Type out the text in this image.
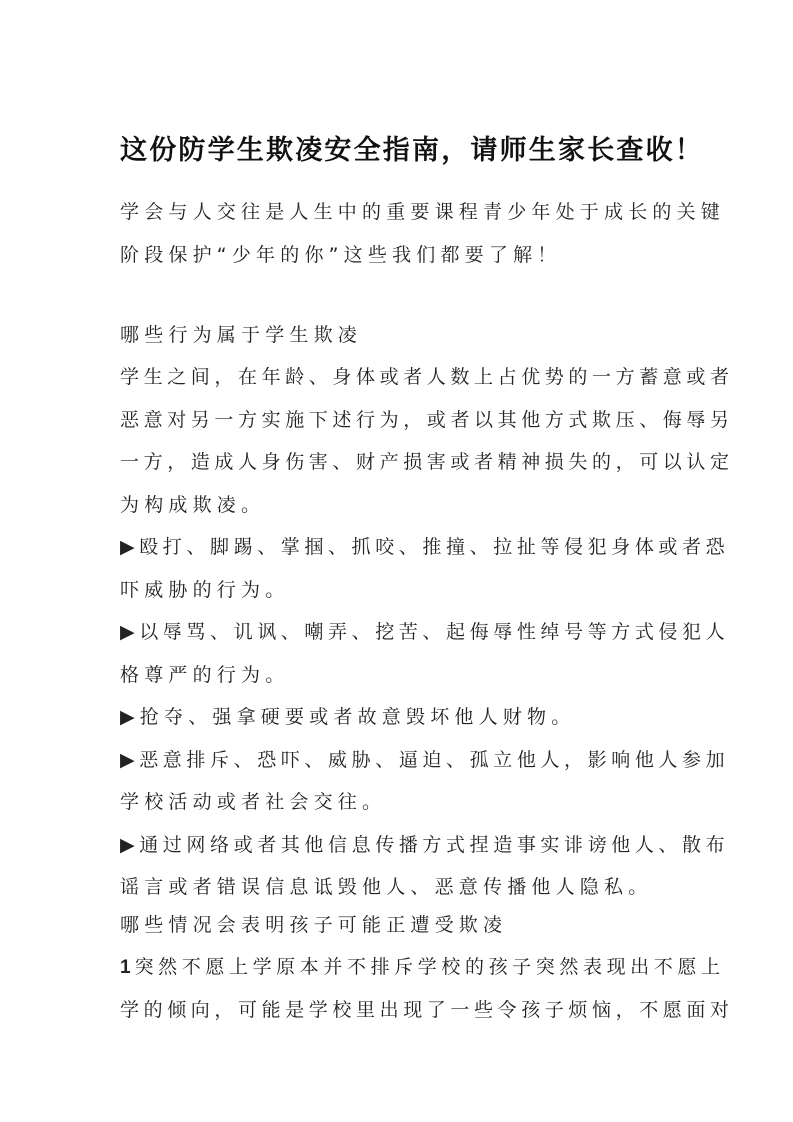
这份防学生欺凌安全指南，请师生家长查收！
学会与人交往是人生中的重要课程青少年处于成长的关键
阶段保护“少年的你”这些我们都要了解！
哪些行为属于学生欺凌
学生之间，在年龄、身体或者人数上占优势的一方蓄意或者
恶意对另一方实施下述行为，或者以其他方式欺压、侮辱另
一方，造成人身伤害、财产损害或者精神损失的，可以认定
为构成欺凌。
▶殴打、脚踢、掌掴、抓咬、推撞、拉扯等侵犯身体或者恐
吓威胁的行为。
▶以辱骂、讥讽、嘲弄、挖苦、起侮辱性绰号等方式侵犯人
格尊严的行为。
▶抢夺、强拿硬要或者故意毁坏他人财物。
▶恶意排斥、恐吓、威胁、逼迫、孤立他人，影响他人参加
学校活动或者社会交往。
▶通过网络或者其他信息传播方式捏造事实诽谤他人、散布
谣言或者错误信息诋毁他人、恶意传播他人隐私。
哪些情况会表明孩子可能正遭受欺凌
1 突然不愿上学原本并不排斥学校的孩子突然表现出不愿上
学的倾向，可能是学校里出现了一些令孩子烦恼，不愿面对
